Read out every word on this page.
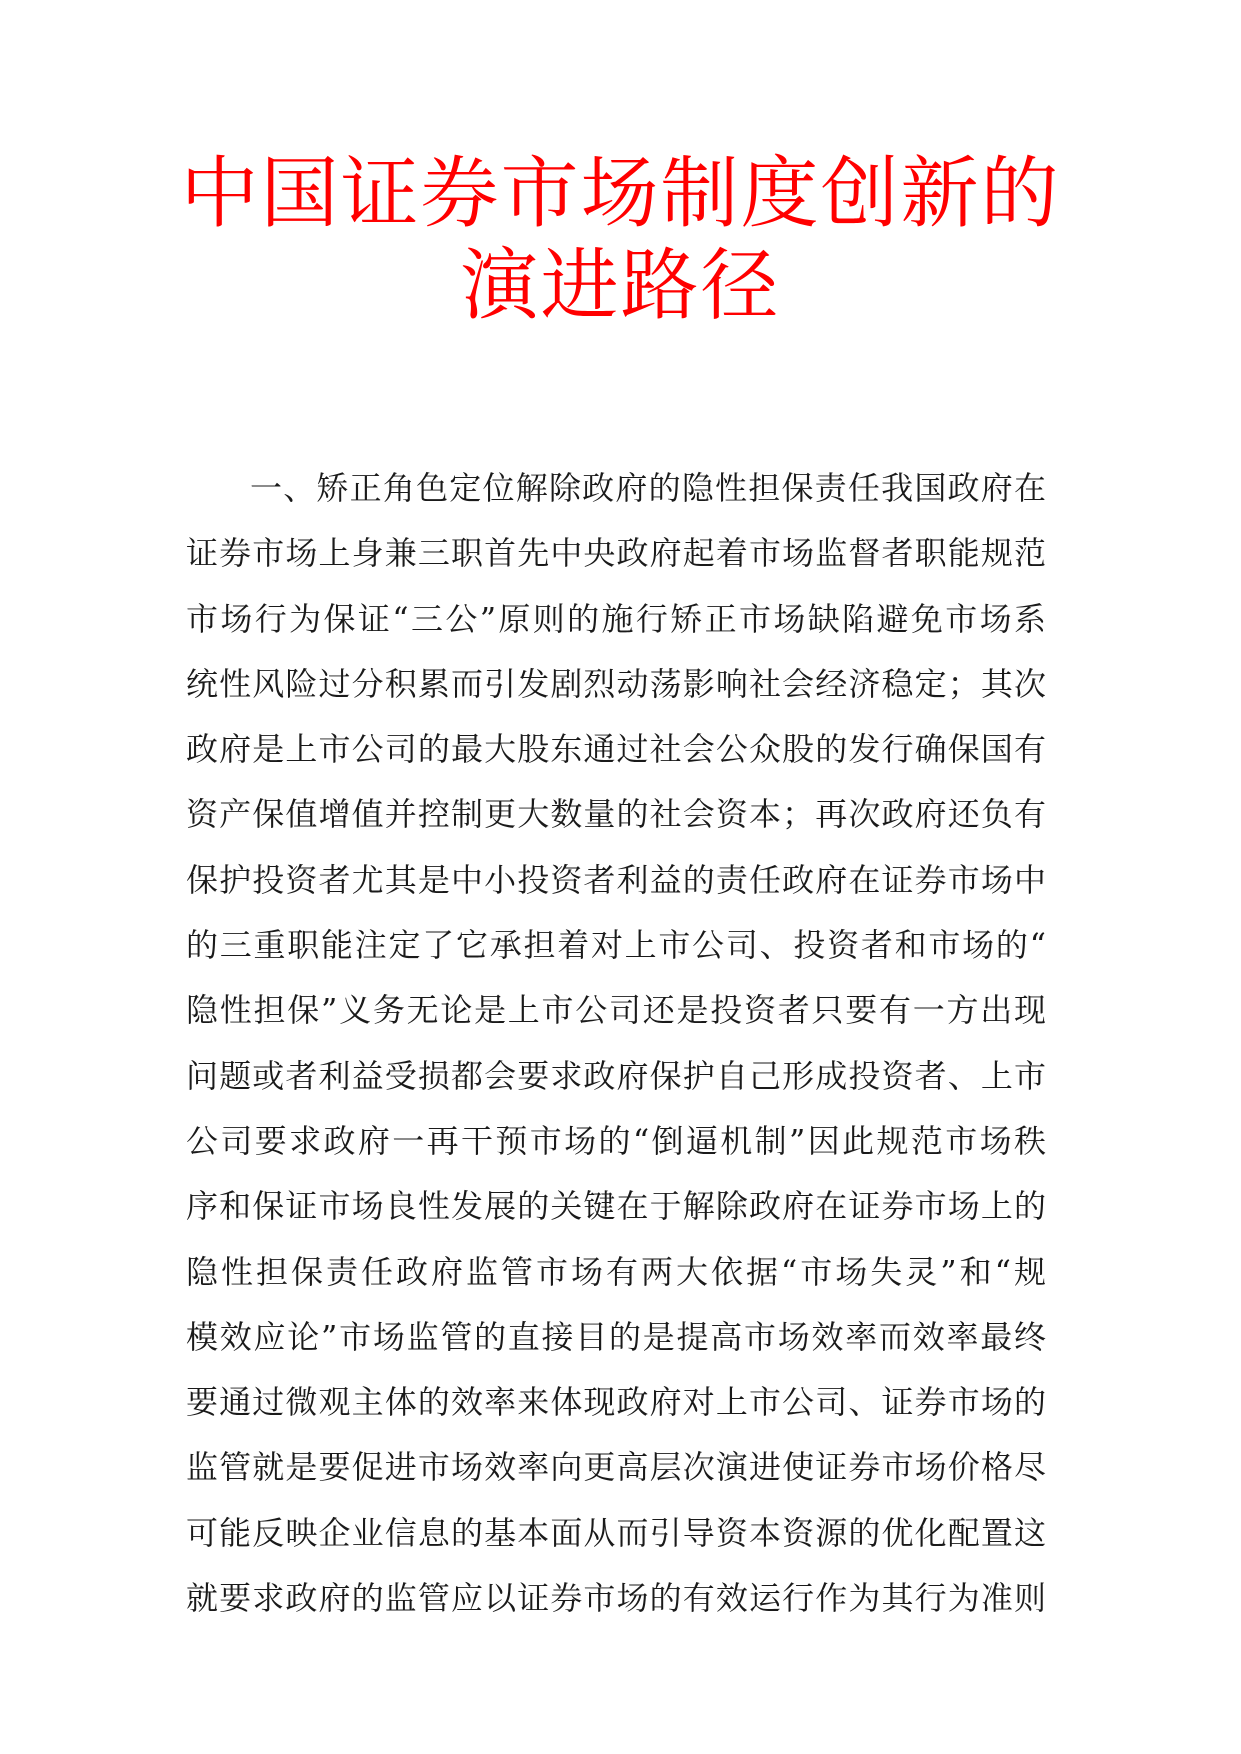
中国证券市场制度创新的
演进路径
一、矫正角色定位解除政府的隐性担保责任我国政府在
证券市场上身兼三职首先中央政府起着市场监督者职能规范
市场行为保证“三公”原则的施行矫正市场缺陷避免市场系
统性风险过分积累而引发剧烈动荡影响社会经济稳定；其次
政府是上市公司的最大股东通过社会公众股的发行确保国有
资产保值增值并控制更大数量的社会资本；再次政府还负有
保护投资者尤其是中小投资者利益的责任政府在证券市场中
的三重职能注定了它承担着对上市公司、投资者和市场的“
隐性担保”义务无论是上市公司还是投资者只要有一方出现
问题或者利益受损都会要求政府保护自己形成投资者、上市
公司要求政府一再干预市场的“倒逼机制”因此规范市场秩
序和保证市场良性发展的关键在于解除政府在证券市场上的
隐性担保责任政府监管市场有两大依据“市场失灵”和“规
模效应论”市场监管的直接目的是提高市场效率而效率最终
要通过微观主体的效率来体现政府对上市公司、证券市场的
监管就是要促进市场效率向更高层次演进使证券市场价格尽
可能反映企业信息的基本面从而引导资本资源的优化配置这
就要求政府的监管应以证券市场的有效运行作为其行为准则
